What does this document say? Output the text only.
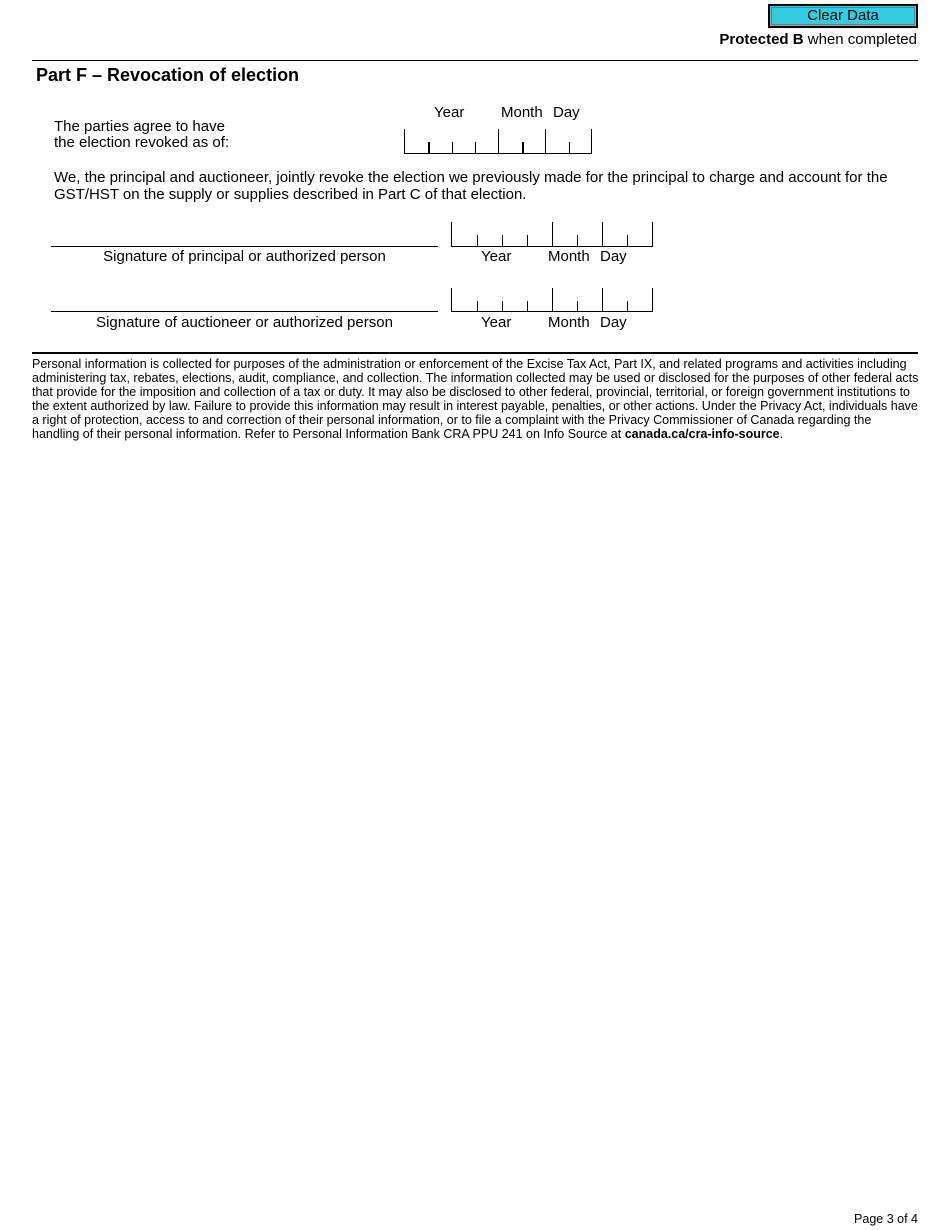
Clear Data
Protected B when completed
Part F – Revocation of election
Year Month Day
The parties agree to have
the election revoked as of:
We, the principal and auctioneer, jointly revoke the election we previously made for the principal to charge and account for the GST/HST on the supply or supplies described in Part C of that election.
Signature of principal or authorized person	Year Month Day
Signature of auctioneer or authorized person	Year Month Day
Personal information is collected for purposes of the administration or enforcement of the Excise Tax Act, Part IX, and related programs and activities including administering tax, rebates, elections, audit, compliance, and collection. The information collected may be used or disclosed for the purposes of other federal acts that provide for the imposition and collection of a tax or duty. It may also be disclosed to other federal, provincial, territorial, or foreign government institutions to the extent authorized by law. Failure to provide this information may result in interest payable, penalties, or other actions. Under the Privacy Act, individuals have a right of protection, access to and correction of their personal information, or to file a complaint with the Privacy Commissioner of Canada regarding the handling of their personal information. Refer to Personal Information Bank CRA PPU 241 on Info Source at canada.ca/cra-info-source.
Page 3 of 4
